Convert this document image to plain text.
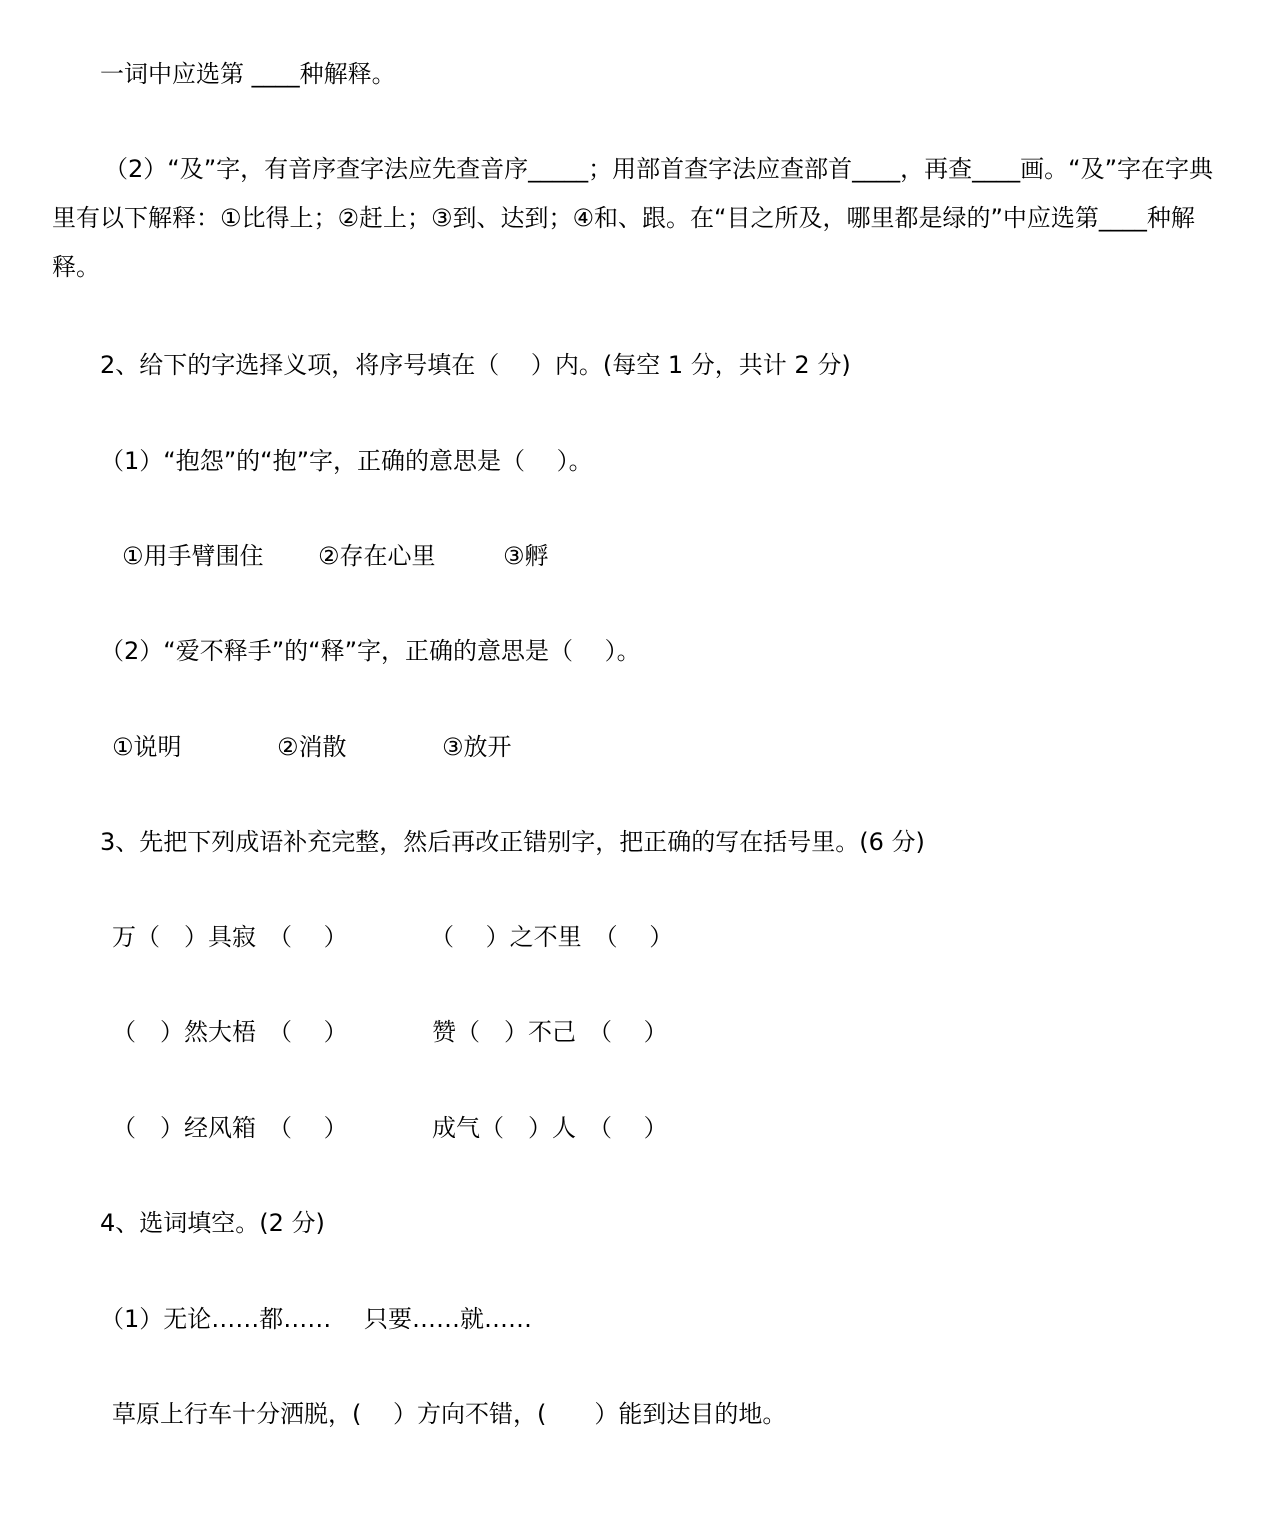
一词中应选第 ____种解释。
（2）“及”字，有音序查字法应先查音序_____；用部首查字法应查部首____，再查____画。“及”字在字典里有以下解释：①比得上；②赶上；③到、达到；④和、跟。在“目之所及，哪里都是绿的”中应选第____种解释。
2、给下的字选择义项，将序号填在（　 ）内。(每空 1 分，共计 2 分)
（1）“抱怨”的“抱”字，正确的意思是（　 ）。
①用手臂围住 ②存在心里	③孵
（2）“爱不释手”的“释”字，正确的意思是（　 ）。
①说明	②消散	③放开
3、先把下列成语补充完整，然后再改正错别字，把正确的写在括号里。(6 分)
万（　）具寂　（　 ）	（　 ）之不里　（　 ）
（　）然大梧　（　 ）	赞（　）不己　（　 ）
（　）经风箱　（　 ）	成气（　）人　（　 ）
4、选词填空。(2 分)
（1）无论……都…… 只要……就……
草原上行车十分洒脱，(　 ）方向不错，(　　）能到达目的地。
